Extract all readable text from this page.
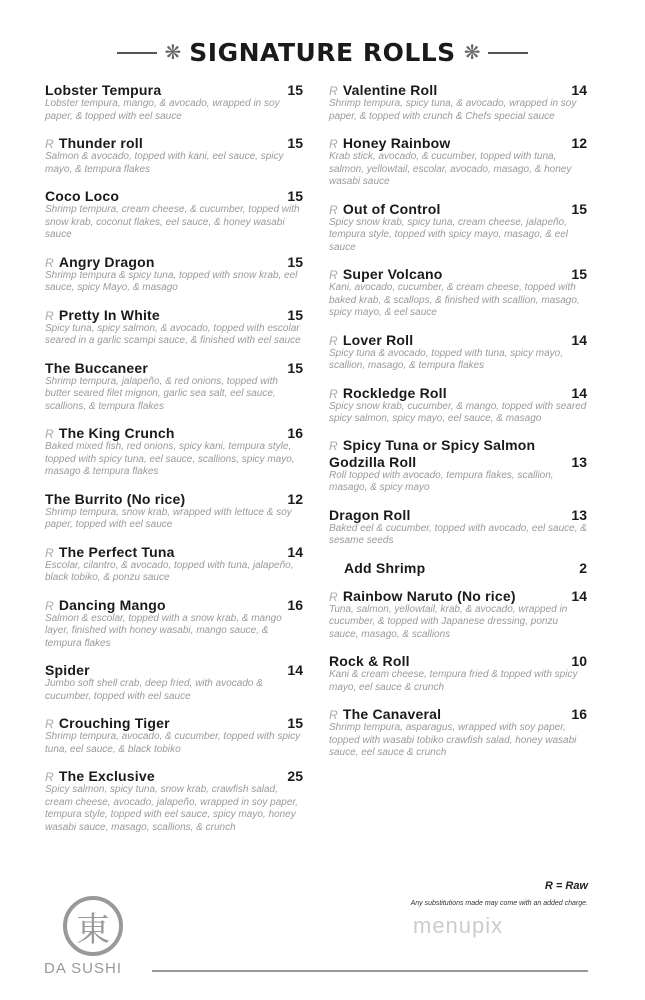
❋ SIGNATURE ROLLS ❋
Lobster Tempura	15
Lobster tempura, mango, & avocado, wrapped in soy paper, & topped with eel sauce
R Thunder roll	15
Salmon & avocado, topped with kani, eel sauce, spicy mayo, & tempura flakes
Coco Loco	15
Shrimp tempura, cream cheese, & cucumber, topped with snow krab, coconut flakes, eel sauce, & honey wasabi sauce
R Angry Dragon	15
Shrimp tempura & spicy tuna, topped with snow krab, eel sauce, spicy Mayo, & masago
R Pretty In White	15
Spicy tuna, spicy salmon, & avocado, topped with escolar seared in a garlic scampi sauce, & finished with eel sauce
The Buccaneer	15
Shrimp tempura, jalapeño, & red onions, topped with butter seared filet mignon, garlic sea salt, eel sauce, scallions, & tempura flakes
R The King Crunch	16
Baked mixed fish, red onions, spicy kani, tempura style, topped with spicy tuna, eel sauce, scallions, spicy mayo, masago & tempura flakes
The Burrito (No rice)	12
Shrimp tempura, snow krab, wrapped with lettuce & soy paper, topped with eel sauce
R The Perfect Tuna	14
Escolar, cilantro, & avocado, topped with tuna, jalapeño, black tobiko, & ponzu sauce
R Dancing Mango	16
Salmon & escolar, topped with a snow krab, & mango layer, finished with honey wasabi, mango sauce, & tempura flakes
Spider	14
Jumbo soft shell crab, deep fried, with avocado & cucumber, topped with eel sauce
R Crouching Tiger	15
Shrimp tempura, avocado, & cucumber, topped with spicy tuna, eel sauce, & black tobiko
R The Exclusive	25
Spicy salmon, spicy tuna, snow krab, crawfish salad, cream cheese, avocado, jalapeño, wrapped in soy paper, tempura style, topped with eel sauce, spicy mayo, honey wasabi sauce, masago, scallions, & crunch
R Valentine Roll	14
Shrimp tempura, spicy tuna, & avocado, wrapped in soy paper, & topped with crunch & Chefs special sauce
R Honey Rainbow	12
Krab stick, avocado, & cucumber, topped with tuna, salmon, yellowtail, escolar, avocado, masago, & honey wasabi sauce
R Out of Control	15
Spicy snow krab, spicy tuna, cream cheese, jalapeño, tempura style, topped with spicy mayo, masago, & eel sauce
R Super Volcano	15
Kani, avocado, cucumber, & cream cheese, topped with baked krab, & scallops, & finished with scallion, masago, spicy mayo, & eel sauce
R Lover Roll	14
Spicy tuna & avocado, topped with tuna, spicy mayo, scallion, masago, & tempura flakes
R Rockledge Roll	14
Spicy snow krab, cucumber, & mango, topped with seared spicy salmon, spicy mayo, eel sauce, & masago
R Spicy Tuna or Spicy Salmon Godzilla Roll	13
Roll topped with avocado, tempura flakes, scallion, masago, & spicy mayo
Dragon Roll	13
Baked eel & cucumber, topped with avocado, eel sauce, & sesame seeds
Add Shrimp	2
R Rainbow Naruto (No rice)	14
Tuna, salmon, yellowtail, krab, & avocado, wrapped in cucumber, & topped with Japanese dressing, ponzu sauce, masago, & scallions
Rock & Roll	10
Kani & cream cheese, tempura fried & topped with spicy mayo, eel sauce & crunch
R The Canaveral	16
Shrimp tempura, asparagus, wrapped with soy paper, topped with wasabi tobiko crawfish salad, honey wasabi sauce, eel sauce & crunch
R = Raw
Any substitutions made may come with an added charge.
menupix
東
DA SUSHI
